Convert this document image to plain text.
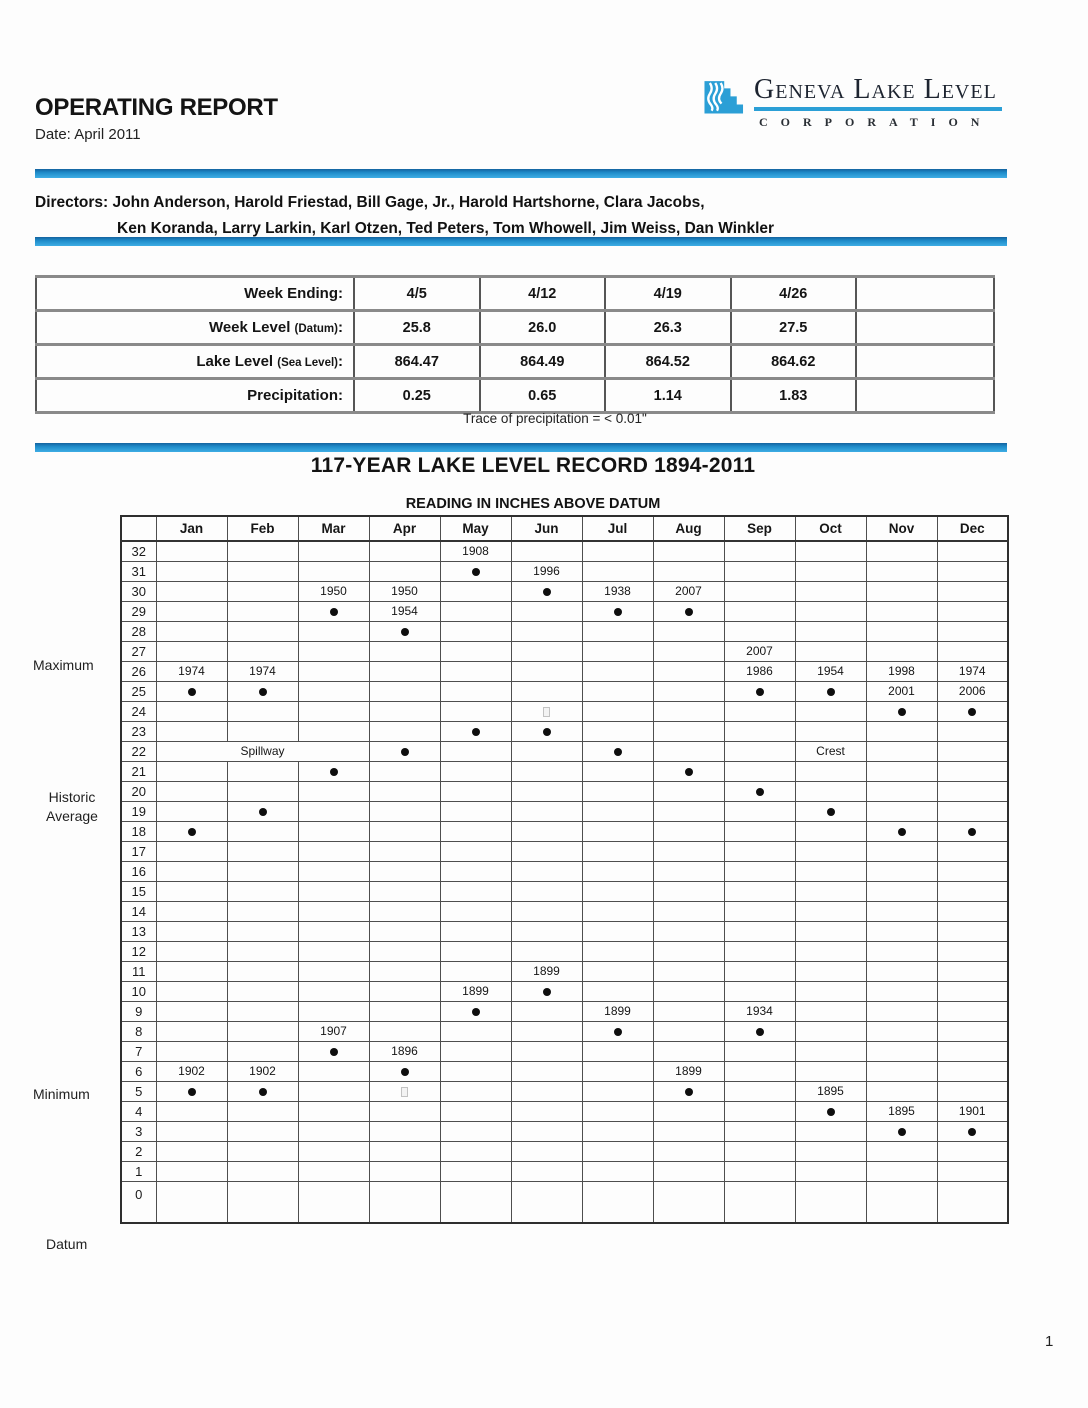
OPERATING REPORT
Date: April 2011
Geneva Lake Level
CORPORATION
Directors: John Anderson, Harold Friestad, Bill Gage, Jr., Harold Hartshorne, Clara Jacobs,
Ken Koranda, Larry Larkin, Karl Otzen, Ted Peters, Tom Whowell, Jim Weiss, Dan Winkler
Week Ending:	4/5	4/12	4/19	4/26	
Week Level (Datum):	25.8	26.0	26.3	27.5	
Lake Level (Sea Level):	864.47	864.49	864.52	864.62	
Precipitation:	0.25	0.65	1.14	1.83	
Trace of precipitation = < 0.01"
117-YEAR LAKE LEVEL RECORD 1894-2011
READING IN INCHES ABOVE DATUM
Maximum
Historic
Average
Minimum
Datum
	Jan	Feb	Mar	Apr	May	Jun	Jul	Aug	Sep	Oct	Nov	Dec
32					1908							
31						1996						
30			1950	1950			1938	2007				
29				1954								
28												
27									2007			
26	1974	1974							1986	1954	1998	1974
25											2001	2006
24												
23												
22	Spillway									Crest		
21												
20												
19												
18												
17												
16												
15												
14												
13												
12												
11						1899						
10					1899							
9							1899		1934			
8			1907									
7				1896								
6	1902	1902						1899				
5										1895		
4											1895	1901
3												
2												
1												
0												
1
